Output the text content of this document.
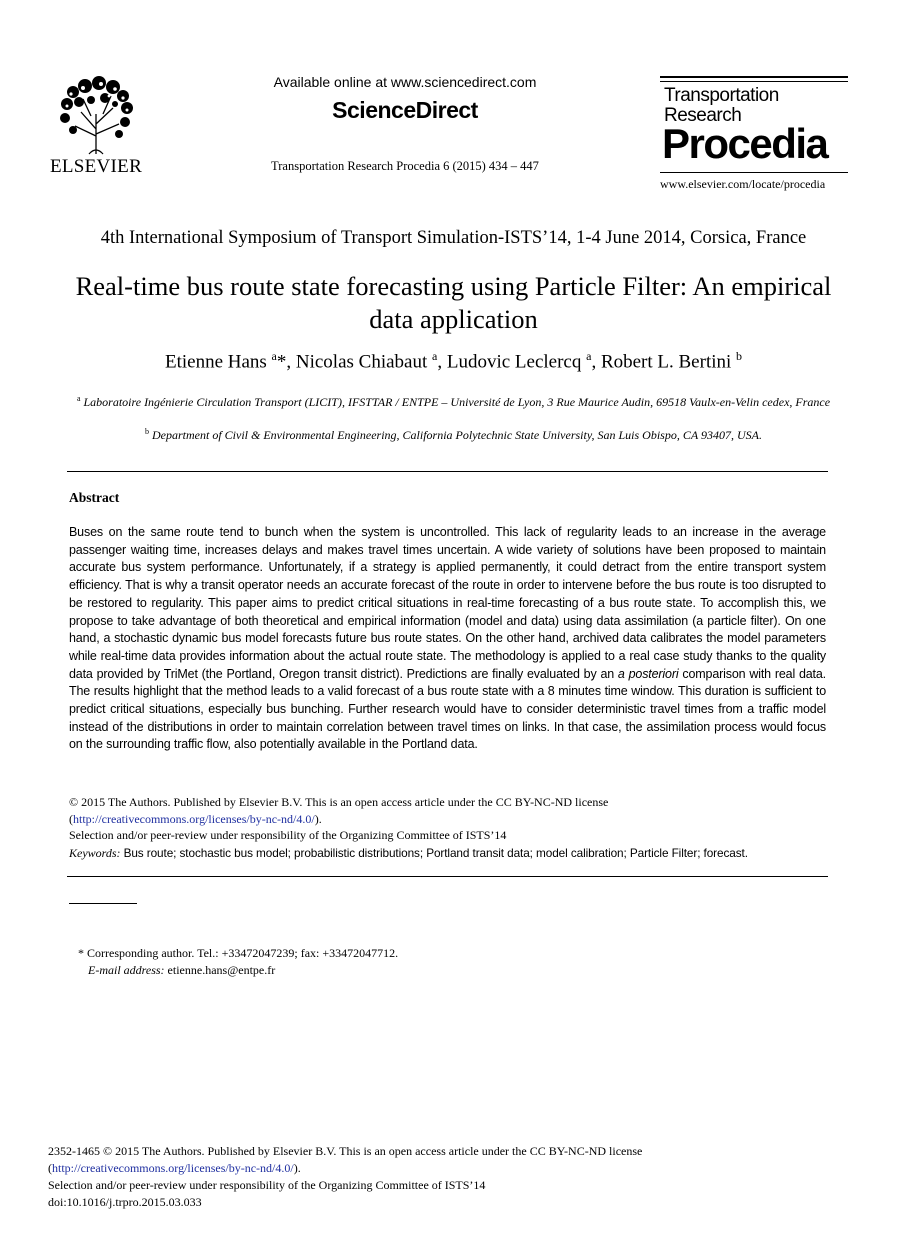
ELSEVIER
Available online at www.sciencedirect.com
ScienceDirect
Transportation Research Procedia 6 (2015) 434 – 447
Transportation
Research
Procedia
www.elsevier.com/locate/procedia
4th International Symposium of Transport Simulation-ISTS’14, 1-4 June 2014, Corsica, France
Real-time bus route state forecasting using Particle Filter: An empirical data application
Etienne Hans $^a$*, Nicolas Chiabaut $^a$, Ludovic Leclercq $^a$, Robert L. Bertini $^b$
$^a$ Laboratoire Ingénierie Circulation Transport (LICIT), IFSTTAR / ENTPE – Université de Lyon, 3 Rue Maurice Audin, 69518 Vaulx-en-Velin cedex, France
$^b$ Department of Civil & Environmental Engineering, California Polytechnic State University, San Luis Obispo, CA 93407, USA.
Abstract
Buses on the same route tend to bunch when the system is uncontrolled. This lack of regularity leads to an increase in the average passenger waiting time, increases delays and makes travel times uncertain. A wide variety of solutions have been proposed to maintain accurate bus system performance. Unfortunately, if a strategy is applied permanently, it could detract from the entire transport system efficiency. That is why a transit operator needs an accurate forecast of the route in order to intervene before the bus route is too disrupted to be restored to regularity. This paper aims to predict critical situations in real-time forecasting of a bus route state. To accomplish this, we propose to take advantage of both theoretical and empirical information (model and data) using data assimilation (a particle filter). On one hand, a stochastic dynamic bus model forecasts future bus route states. On the other hand, archived data calibrates the model parameters while real-time data provides information about the actual route state. The methodology is applied to a real case study thanks to the quality data provided by TriMet (the Portland, Oregon transit district). Predictions are finally evaluated by an a posteriori comparison with real data. The results highlight that the method leads to a valid forecast of a bus route state with a 8 minutes time window. This duration is sufficient to predict critical situations, especially bus bunching. Further research would have to consider deterministic travel times from a traffic model instead of the distributions in order to maintain correlation between travel times on links. In that case, the assimilation process would focus on the surrounding traffic flow, also potentially available in the Portland data.
© 2015 The Authors. Published by Elsevier B.V. This is an open access article under the CC BY-NC-ND license
(http://creativecommons.org/licenses/by-nc-nd/4.0/).
Selection and/or peer-review under responsibility of the Organizing Committee of ISTS’14
Keywords: Bus route; stochastic bus model; probabilistic distributions; Portland transit data; model calibration; Particle Filter; forecast.
* Corresponding author. Tel.: +33472047239; fax: +33472047712.
E-mail address: etienne.hans@entpe.fr
2352-1465 © 2015 The Authors. Published by Elsevier B.V. This is an open access article under the CC BY-NC-ND license
(http://creativecommons.org/licenses/by-nc-nd/4.0/).
Selection and/or peer-review under responsibility of the Organizing Committee of ISTS’14
doi:10.1016/j.trpro.2015.03.033
